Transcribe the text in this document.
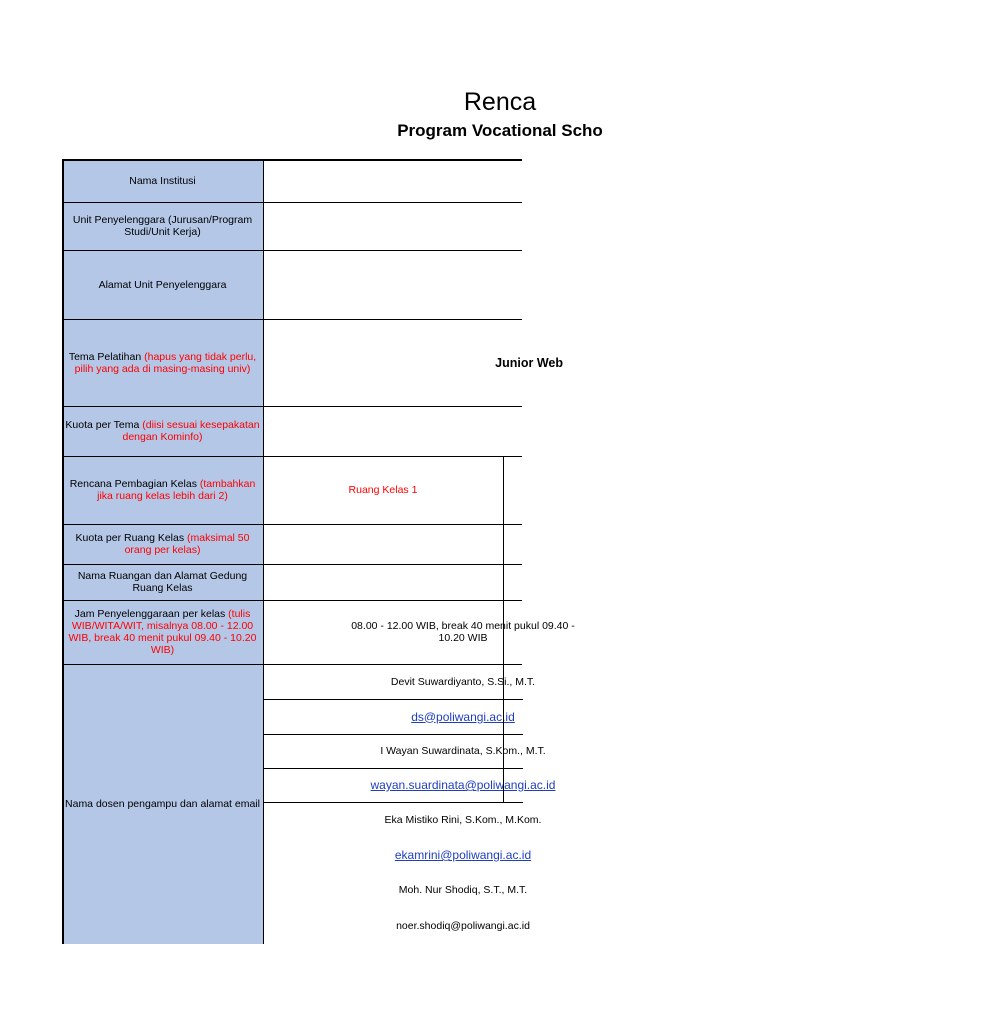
Renca
Program Vocational Scho
Nama Institusi
Unit Penyelenggara (Jurusan/Program Studi/Unit Kerja)
Alamat Unit Penyelenggara
Tema Pelatihan (hapus yang tidak perlu, pilih yang ada di masing-masing univ)
Kuota per Tema (diisi sesuai kesepakatan dengan Kominfo)
Rencana Pembagian Kelas (tambahkan jika ruang kelas lebih dari 2)
Kuota per Ruang Kelas (maksimal 50 orang per kelas)
Nama Ruangan dan Alamat Gedung Ruang Kelas
Jam Penyelenggaraan per kelas (tulis WIB/WITA/WIT, misalnya 08.00 - 12.00 WIB, break 40 menit pukul 09.40 - 10.20 WIB)
Nama dosen pengampu dan alamat email
Junior Web
Ruang Kelas 1
08.00 - 12.00 WIB, break 40 menit pukul 09.40 - 10.20 WIB
Devit Suwardiyanto, S.Si., M.T.
ds@poliwangi.ac.id
I Wayan Suwardinata, S.Kom., M.T.
wayan.suardinata@poliwangi.ac.id
Eka Mistiko Rini, S.Kom., M.Kom.
ekamrini@poliwangi.ac.id
Moh. Nur Shodiq, S.T., M.T.
noer.shodiq@poliwangi.ac.id
